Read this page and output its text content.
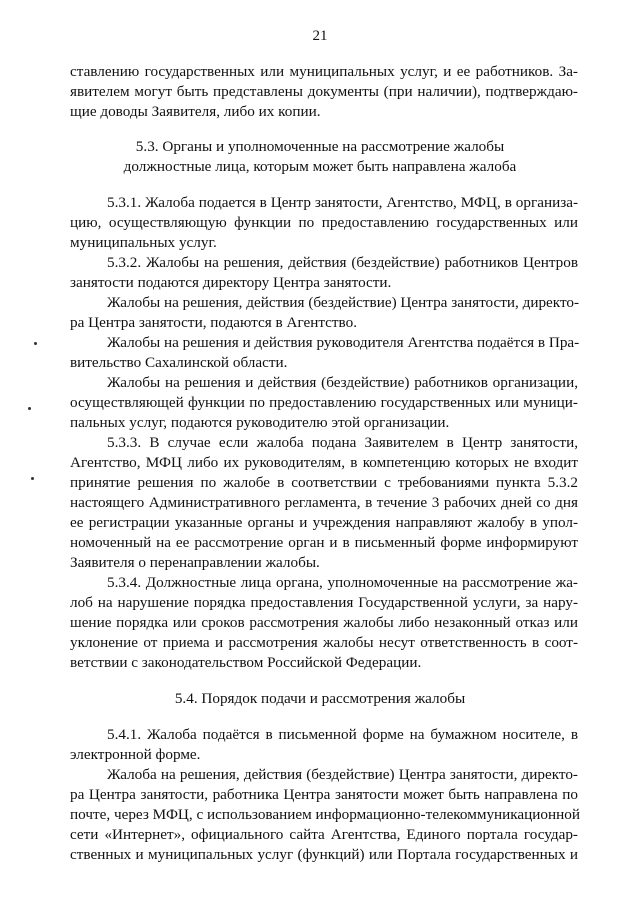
21
ставлению государственных или муниципальных услуг, и ее работников. За-
явителем могут быть представлены документы (при наличии), подтверждаю-
щие доводы Заявителя, либо их копии.
5.3. Органы и уполномоченные на рассмотрение жалобы
должностные лица, которым может быть направлена жалоба
5.3.1. Жалоба подается в Центр занятости, Агентство, МФЦ, в организа-
цию, осуществляющую функции по предоставлению государственных или
муниципальных услуг.
5.3.2. Жалобы на решения, действия (бездействие) работников Центров
занятости подаются директору Центра занятости.
Жалобы на решения, действия (бездействие) Центра занятости, директо-
ра Центра занятости, подаются в Агентство.
Жалобы на решения и действия руководителя Агентства подаётся в Пра-
вительство Сахалинской области.
Жалобы на решения и действия (бездействие) работников организации,
осуществляющей функции по предоставлению государственных или муници-
пальных услуг, подаются руководителю этой организации.
5.3.3. В случае если жалоба подана Заявителем в Центр занятости,
Агентство, МФЦ либо их руководителям, в компетенцию которых не входит
принятие решения по жалобе в соответствии с требованиями пункта 5.3.2
настоящего Административного регламента, в течение 3 рабочих дней со дня
ее регистрации указанные органы и учреждения направляют жалобу в упол-
номоченный на ее рассмотрение орган и в письменный форме информируют
Заявителя о перенаправлении жалобы.
5.3.4. Должностные лица органа, уполномоченные на рассмотрение жа-
лоб на нарушение порядка предоставления Государственной услуги, за нару-
шение порядка или сроков рассмотрения жалобы либо незаконный отказ или
уклонение от приема и рассмотрения жалобы несут ответственность в соот-
ветствии с законодательством Российской Федерации.
5.4. Порядок подачи и рассмотрения жалобы
5.4.1. Жалоба подаётся в письменной форме на бумажном носителе, в
электронной форме.
Жалоба на решения, действия (бездействие) Центра занятости, директо-
ра Центра занятости, работника Центра занятости может быть направлена по
почте, через МФЦ, с использованием информационно-телекоммуникационной
сети «Интернет», официального сайта Агентства, Единого портала государ-
ственных и муниципальных услуг (функций) или Портала государственных и
